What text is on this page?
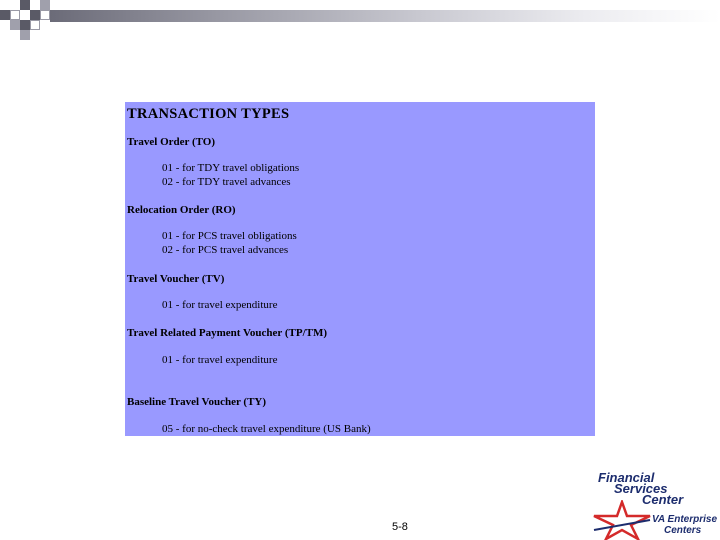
TRANSACTION TYPES
Travel Order (TO)
01 - for TDY travel obligations
02 - for TDY travel advances
Relocation Order (RO)
01 - for PCS travel obligations
02 - for PCS travel advances
Travel Voucher (TV)
01 - for travel expenditure
Travel Related Payment Voucher (TP/TM)
01 - for travel expenditure
Baseline Travel Voucher (TY)
05 - for no-check travel expenditure (US Bank)
5-8
Financial
Services
Center
VA Enterprise
Centers
